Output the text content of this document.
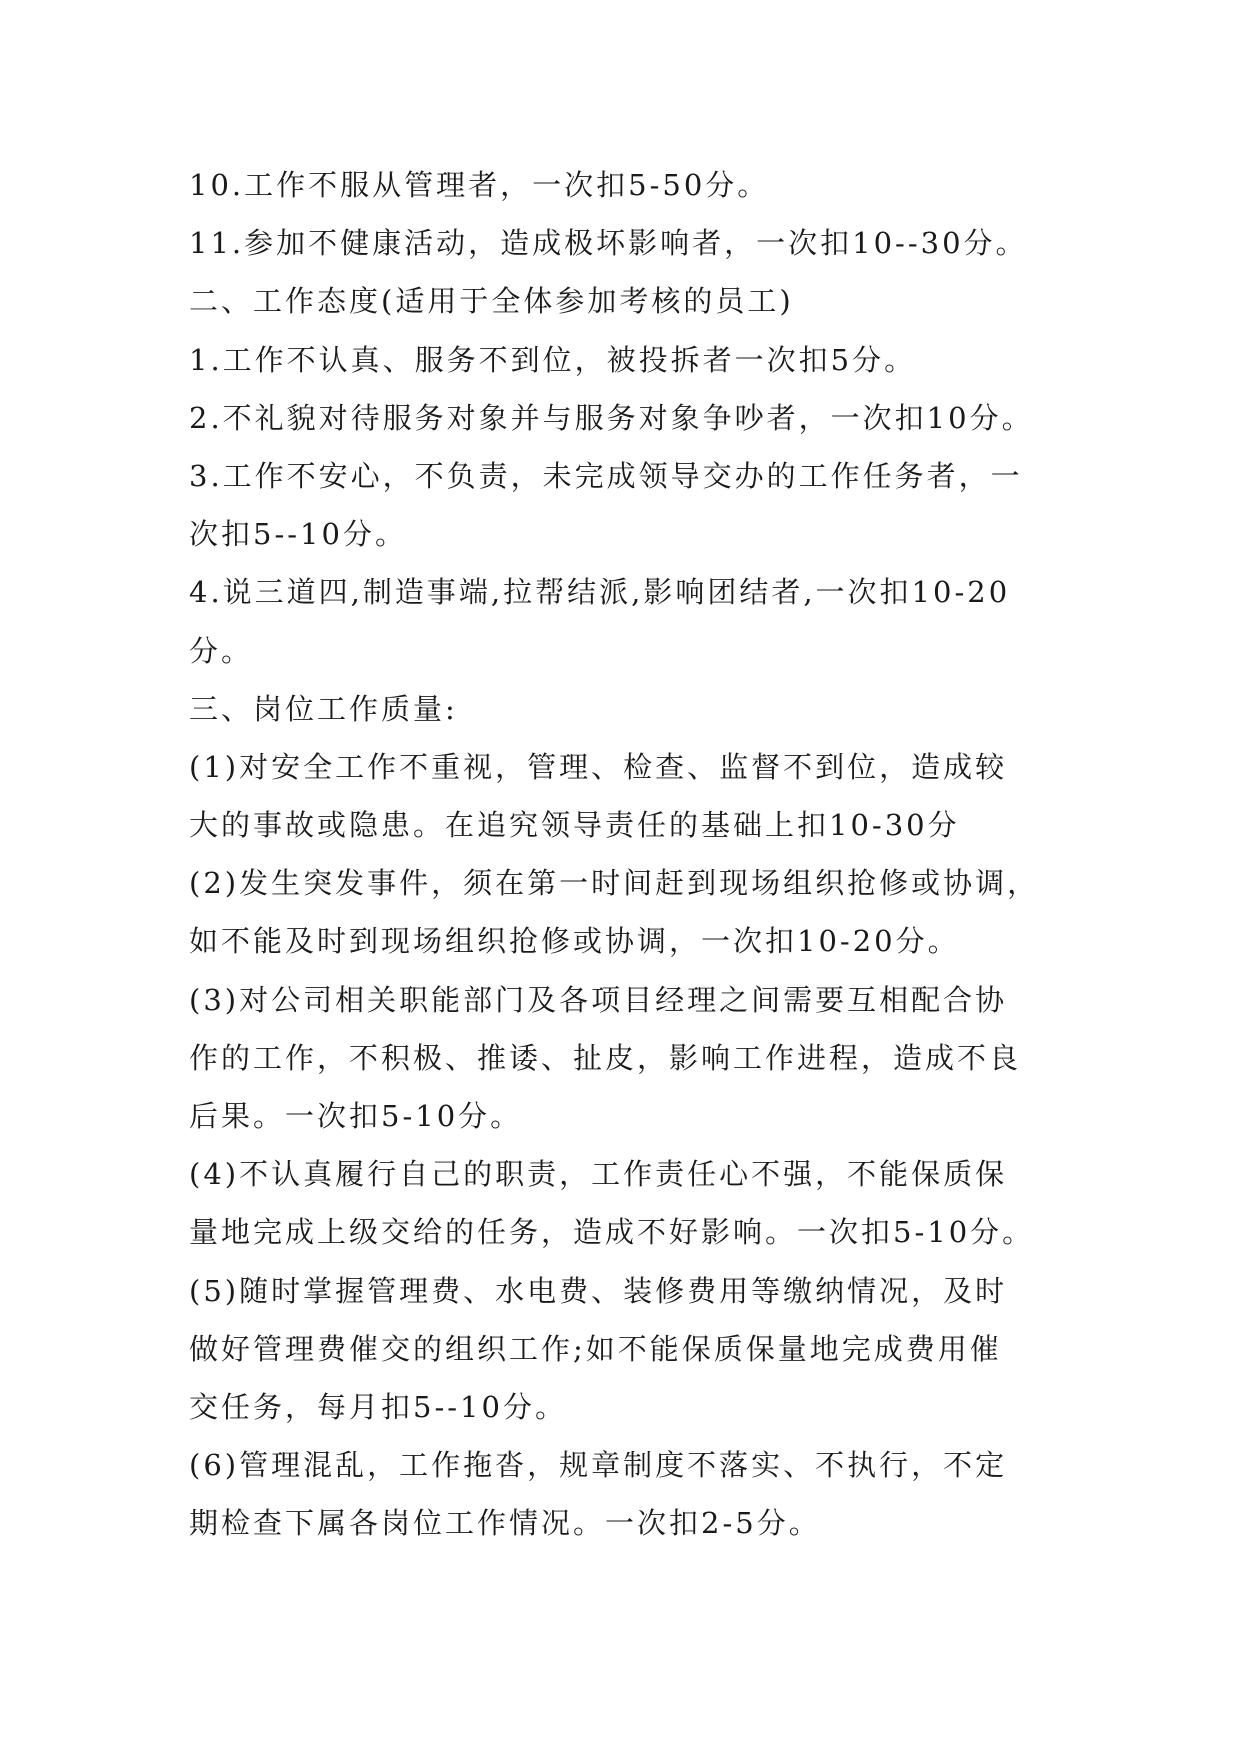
10.工作不服从管理者，一次扣5-50分。
11.参加不健康活动，造成极坏影响者，一次扣10--30分。
二、工作态度(适用于全体参加考核的员工)
1.工作不认真、服务不到位，被投拆者一次扣5分。
2.不礼貌对待服务对象并与服务对象争吵者，一次扣10分。
3.工作不安心，不负责，未完成领导交办的工作任务者，一
次扣5--10分。
4.说三道四,制造事端,拉帮结派,影响团结者,一次扣10-20
分。
三、岗位工作质量:
(1)对安全工作不重视，管理、检查、监督不到位，造成较
大的事故或隐患。在追究领导责任的基础上扣10-30分
(2)发生突发事件，须在第一时间赶到现场组织抢修或协调，
如不能及时到现场组织抢修或协调，一次扣10-20分。
(3)对公司相关职能部门及各项目经理之间需要互相配合协
作的工作，不积极、推诿、扯皮，影响工作进程，造成不良
后果。一次扣5-10分。
(4)不认真履行自己的职责，工作责任心不强，不能保质保
量地完成上级交给的任务，造成不好影响。一次扣5-10分。
(5)随时掌握管理费、水电费、装修费用等缴纳情况，及时
做好管理费催交的组织工作;如不能保质保量地完成费用催
交任务，每月扣5--10分。
(6)管理混乱，工作拖沓，规章制度不落实、不执行，不定
期检查下属各岗位工作情况。一次扣2-5分。
